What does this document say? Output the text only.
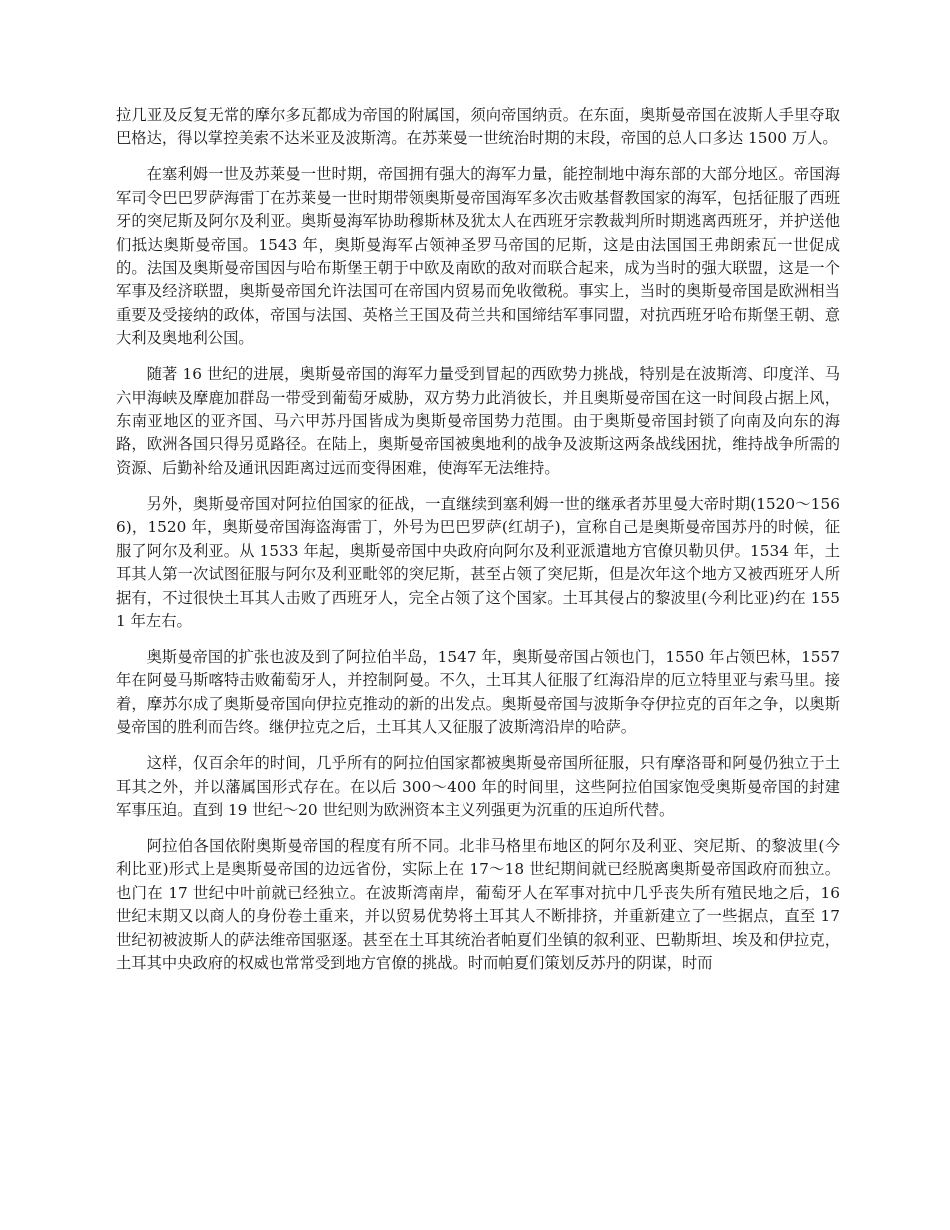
拉几亚及反复无常的摩尔多瓦都成为帝国的附属国，须向帝国纳贡。在东面，奥斯曼帝国在波斯人手里夺取巴格达，得以掌控美索不达米亚及波斯湾。在苏莱曼一世统治时期的末段，帝国的总人口多达 1500 万人。

在塞利姆一世及苏莱曼一世时期，帝国拥有强大的海军力量，能控制地中海东部的大部分地区。帝国海军司令巴巴罗萨海雷丁在苏莱曼一世时期带领奥斯曼帝国海军多次击败基督教国家的海军，包括征服了西班牙的突尼斯及阿尔及利亚。奥斯曼海军协助穆斯林及犹太人在西班牙宗教裁判所时期逃离西班牙，并护送他们抵达奥斯曼帝国。1543 年，奥斯曼海军占领神圣罗马帝国的尼斯，这是由法国国王弗朗索瓦一世促成的。法国及奥斯曼帝国因与哈布斯堡王朝于中欧及南欧的敌对而联合起来，成为当时的强大联盟，这是一个军事及经济联盟，奥斯曼帝国允许法国可在帝国内贸易而免收徵税。事实上，当时的奥斯曼帝国是欧洲相当重要及受接纳的政体，帝国与法国、英格兰王国及荷兰共和国缔结军事同盟，对抗西班牙哈布斯堡王朝、意大利及奥地利公国。

随著 16 世纪的进展，奥斯曼帝国的海军力量受到冒起的西欧势力挑战，特别是在波斯湾、印度洋、马六甲海峡及摩鹿加群岛一带受到葡萄牙威胁，双方势力此消彼长，并且奥斯曼帝国在这一时间段占据上风，东南亚地区的亚齐国、马六甲苏丹国皆成为奥斯曼帝国势力范围。由于奥斯曼帝国封锁了向南及向东的海路，欧洲各国只得另觅路径。在陆上，奥斯曼帝国被奥地利的战争及波斯这两条战线困扰，维持战争所需的资源、后勤补给及通讯因距离过远而变得困难，使海军无法维持。

另外，奥斯曼帝国对阿拉伯国家的征战，一直继续到塞利姆一世的继承者苏里曼大帝时期(1520～1566)，1520 年，奥斯曼帝国海盗海雷丁，外号为巴巴罗萨(红胡子)，宣称自己是奥斯曼帝国苏丹的时候，征服了阿尔及利亚。从 1533 年起，奥斯曼帝国中央政府向阿尔及利亚派遣地方官僚贝勒贝伊。1534 年，土耳其人第一次试图征服与阿尔及利亚毗邻的突尼斯，甚至占领了突尼斯，但是次年这个地方又被西班牙人所据有，不过很快土耳其人击败了西班牙人，完全占领了这个国家。土耳其侵占的黎波里(今利比亚)约在 1551 年左右。

奥斯曼帝国的扩张也波及到了阿拉伯半岛，1547 年，奥斯曼帝国占领也门，1550 年占领巴林，1557 年在阿曼马斯喀特击败葡萄牙人，并控制阿曼。不久，土耳其人征服了红海沿岸的厄立特里亚与索马里。接着，摩苏尔成了奥斯曼帝国向伊拉克推动的新的出发点。奥斯曼帝国与波斯争夺伊拉克的百年之争，以奥斯曼帝国的胜利而告终。继伊拉克之后，土耳其人又征服了波斯湾沿岸的哈萨。

这样，仅百余年的时间，几乎所有的阿拉伯国家都被奥斯曼帝国所征服，只有摩洛哥和阿曼仍独立于土耳其之外，并以藩属国形式存在。在以后 300～400 年的时间里，这些阿拉伯国家饱受奥斯曼帝国的封建军事压迫。直到 19 世纪～20 世纪则为欧洲资本主义列强更为沉重的压迫所代替。

阿拉伯各国依附奥斯曼帝国的程度有所不同。北非马格里布地区的阿尔及利亚、突尼斯、的黎波里(今利比亚)形式上是奥斯曼帝国的边远省份，实际上在 17～18 世纪期间就已经脱离奥斯曼帝国政府而独立。也门在 17 世纪中叶前就已经独立。在波斯湾南岸，葡萄牙人在军事对抗中几乎丧失所有殖民地之后，16 世纪末期又以商人的身份卷土重来，并以贸易优势将土耳其人不断排挤，并重新建立了一些据点，直至 17 世纪初被波斯人的萨法维帝国驱逐。甚至在土耳其统治者帕夏们坐镇的叙利亚、巴勒斯坦、埃及和伊拉克，土耳其中央政府的权威也常常受到地方官僚的挑战。时而帕夏们策划反苏丹的阴谋，时而
